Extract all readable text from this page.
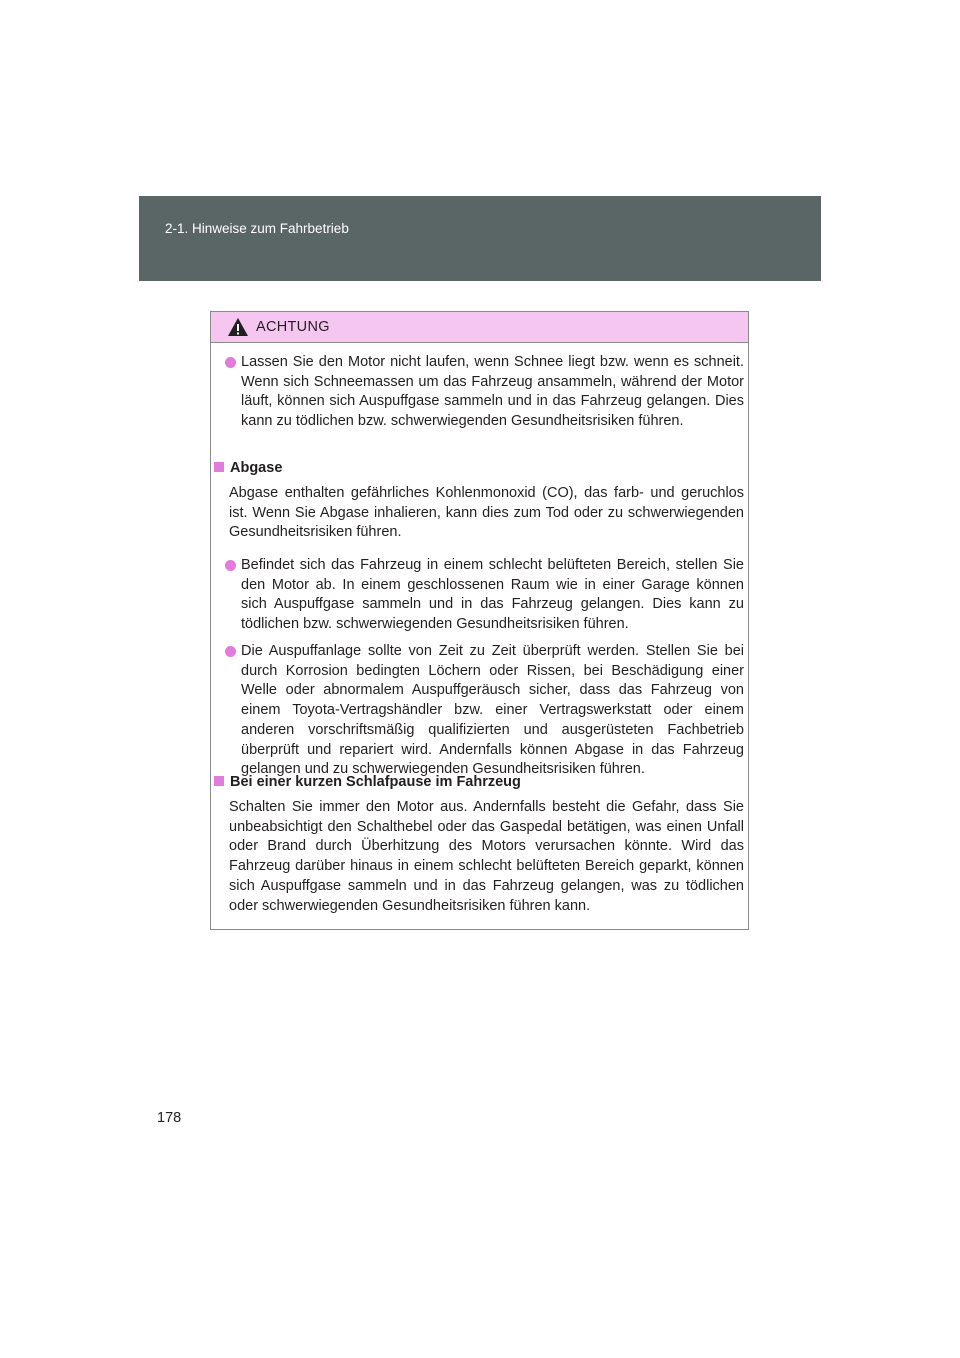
2-1. Hinweise zum Fahrbetrieb
ACHTUNG
Lassen Sie den Motor nicht laufen, wenn Schnee liegt bzw. wenn es schneit. Wenn sich Schneemassen um das Fahrzeug ansammeln, während der Motor läuft, können sich Auspuffgase sammeln und in das Fahrzeug gelangen. Dies kann zu tödlichen bzw. schwerwiegenden Gesundheitsrisiken führen.
Abgase
Abgase enthalten gefährliches Kohlenmonoxid (CO), das farb- und geruchlos ist. Wenn Sie Abgase inhalieren, kann dies zum Tod oder zu schwerwiegenden Gesundheitsrisiken führen.
Befindet sich das Fahrzeug in einem schlecht belüfteten Bereich, stellen Sie den Motor ab. In einem geschlossenen Raum wie in einer Garage können sich Auspuffgase sammeln und in das Fahrzeug gelangen. Dies kann zu tödlichen bzw. schwerwiegenden Gesundheitsrisiken führen.
Die Auspuffanlage sollte von Zeit zu Zeit überprüft werden. Stellen Sie bei durch Korrosion bedingten Löchern oder Rissen, bei Beschädigung einer Welle oder abnormalem Auspuffgeräusch sicher, dass das Fahrzeug von einem Toyota-Vertragshändler bzw. einer Vertragswerkstatt oder einem anderen vorschriftsmäßig qualifizierten und ausgerüsteten Fachbetrieb überprüft und repariert wird. Andernfalls können Abgase in das Fahrzeug gelangen und zu schwerwiegenden Gesundheitsrisiken führen.
Bei einer kurzen Schlafpause im Fahrzeug
Schalten Sie immer den Motor aus. Andernfalls besteht die Gefahr, dass Sie unbeabsichtigt den Schalthebel oder das Gaspedal betätigen, was einen Unfall oder Brand durch Überhitzung des Motors verursachen könnte. Wird das Fahrzeug darüber hinaus in einem schlecht belüfteten Bereich geparkt, können sich Auspuffgase sammeln und in das Fahrzeug gelangen, was zu tödlichen oder schwerwiegenden Gesundheitsrisiken führen kann.
178
